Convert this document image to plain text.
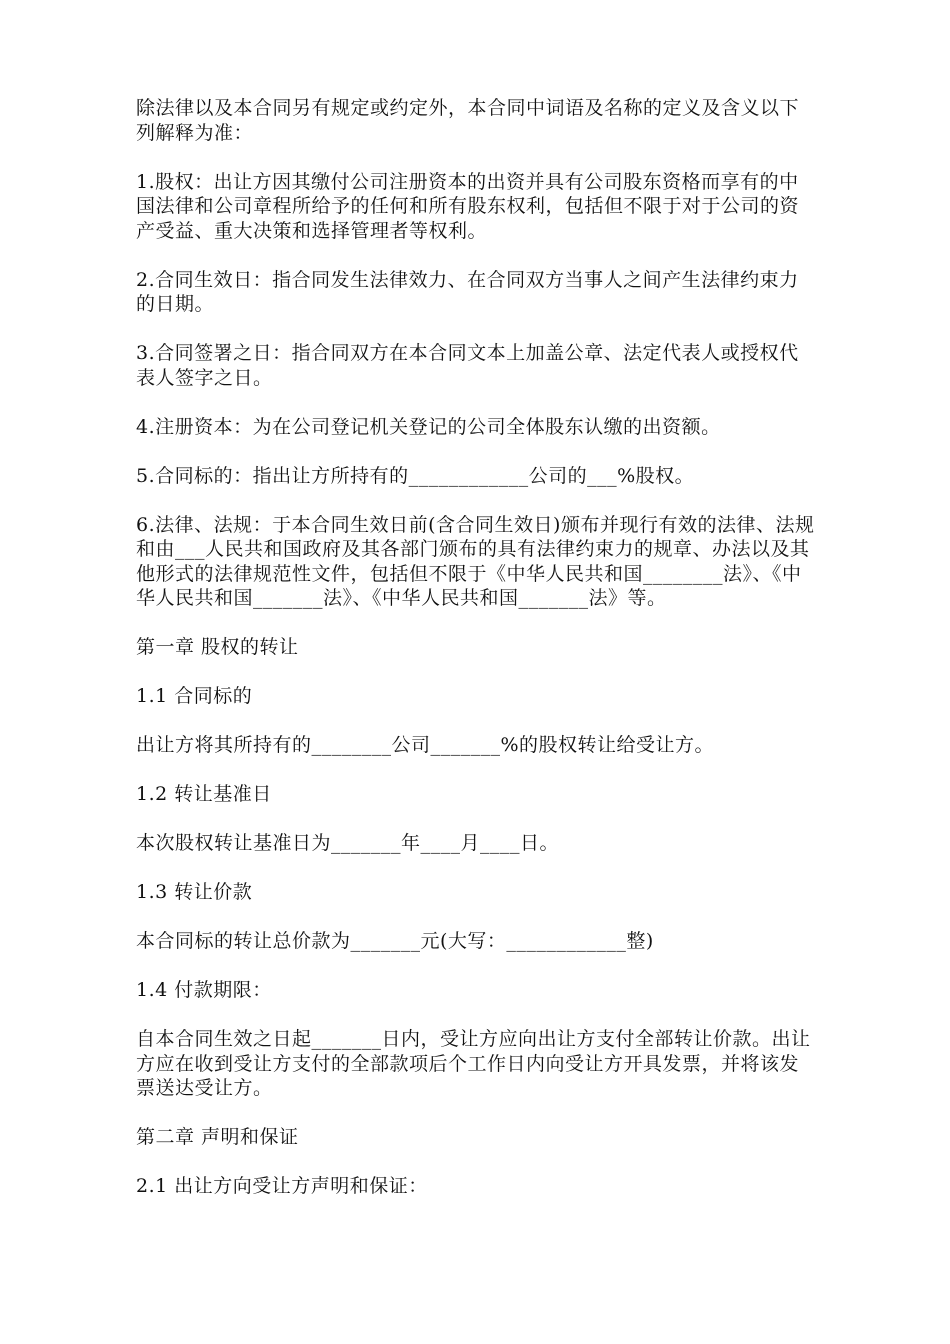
除法律以及本合同另有规定或约定外，本合同中词语及名称的定义及含义以下列解释为准：

1.股权：出让方因其缴付公司注册资本的出资并具有公司股东资格而享有的中国法律和公司章程所给予的任何和所有股东权利，包括但不限于对于公司的资产受益、重大决策和选择管理者等权利。

2.合同生效日：指合同发生法律效力、在合同双方当事人之间产生法律约束力的日期。

3.合同签署之日：指合同双方在本合同文本上加盖公章、法定代表人或授权代表人签字之日。

4.注册资本：为在公司登记机关登记的公司全体股东认缴的出资额。

5.合同标的：指出让方所持有的____________公司的___%股权。

6.法律、法规：于本合同生效日前(含合同生效日)颁布并现行有效的法律、法规和由___人民共和国政府及其各部门颁布的具有法律约束力的规章、办法以及其他形式的法律规范性文件，包括但不限于《中华人民共和国________法》、《中华人民共和国_______法》、《中华人民共和国_______法》等。

第一章 股权的转让

1.1 合同标的

出让方将其所持有的________公司_______%的股权转让给受让方。

1.2 转让基准日

本次股权转让基准日为_______年____月____日。

1.3 转让价款

本合同标的转让总价款为_______元(大写：____________整)

1.4 付款期限：

自本合同生效之日起_______日内，受让方应向出让方支付全部转让价款。出让方应在收到受让方支付的全部款项后个工作日内向受让方开具发票，并将该发票送达受让方。

第二章 声明和保证

2.1 出让方向受让方声明和保证：
